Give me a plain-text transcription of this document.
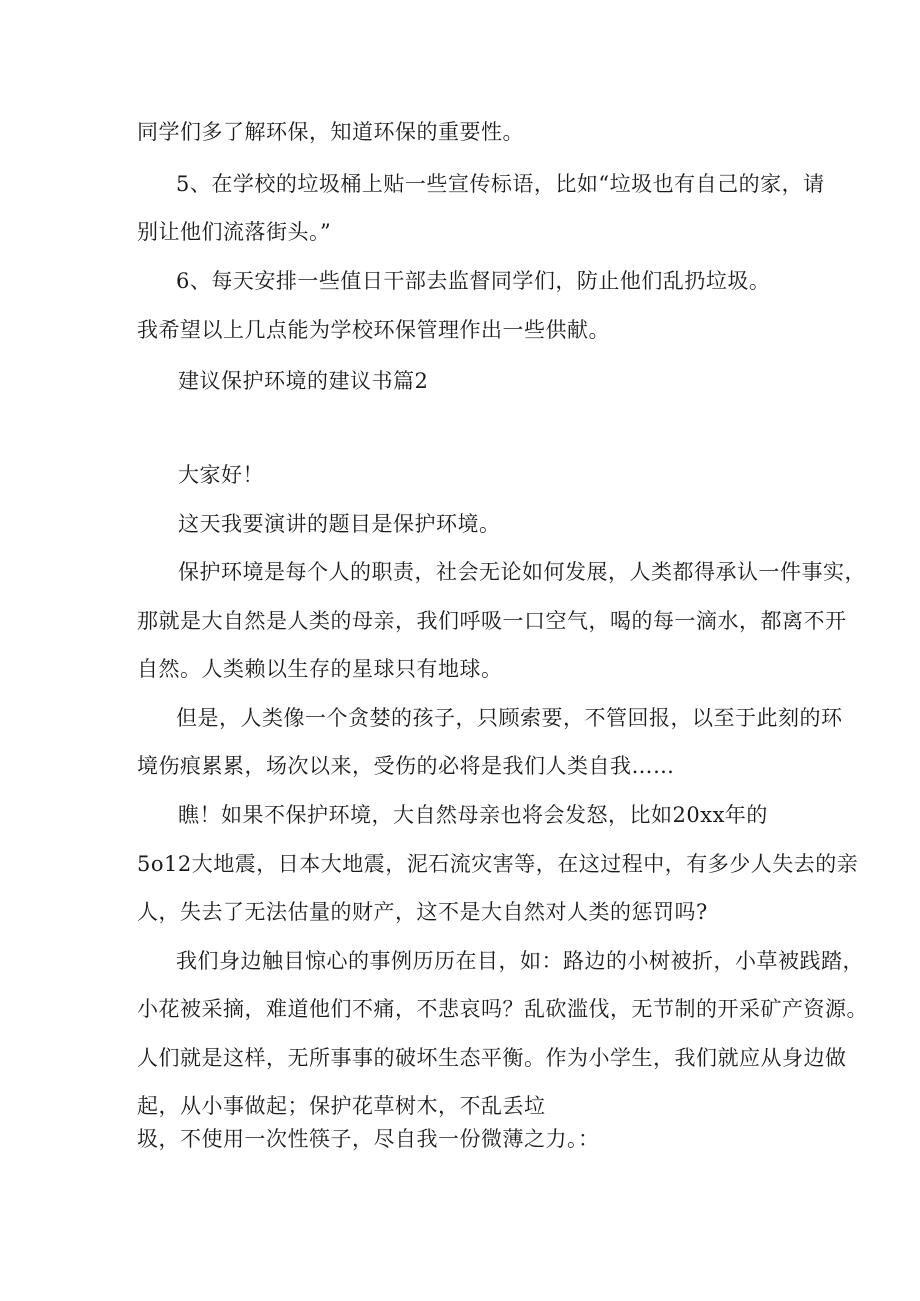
同学们多了解环保，知道环保的重要性。
5、在学校的垃圾桶上贴一些宣传标语，比如“垃圾也有自己的家，请
别让他们流落街头。”
6、每天安排一些值日干部去监督同学们，防止他们乱扔垃圾。
我希望以上几点能为学校环保管理作出一些供献。
建议保护环境的建议书篇2
大家好！
这天我要演讲的题目是保护环境。
保护环境是每个人的职责，社会无论如何发展，人类都得承认一件事实，
那就是大自然是人类的母亲，我们呼吸一口空气，喝的每一滴水，都离不开
自然。人类赖以生存的星球只有地球。
但是，人类像一个贪婪的孩子，只顾索要，不管回报，以至于此刻的环
境伤痕累累，场次以来，受伤的必将是我们人类自我……
瞧！如果不保护环境，大自然母亲也将会发怒，比如20xx年的
5o12大地震，日本大地震，泥石流灾害等，在这过程中，有多少人失去的亲
人，失去了无法估量的财产，这不是大自然对人类的惩罚吗?
我们身边触目惊心的事例历历在目，如：路边的小树被折，小草被践踏，
小花被采摘，难道他们不痛，不悲哀吗？乱砍滥伐，无节制的开采矿产资源。
人们就是这样，无所事事的破坏生态平衡。作为小学生，我们就应从身边做
起，从小事做起；保护花草树木，不乱丢垃
圾，不使用一次性筷子，尽自我一份微薄之力。：
